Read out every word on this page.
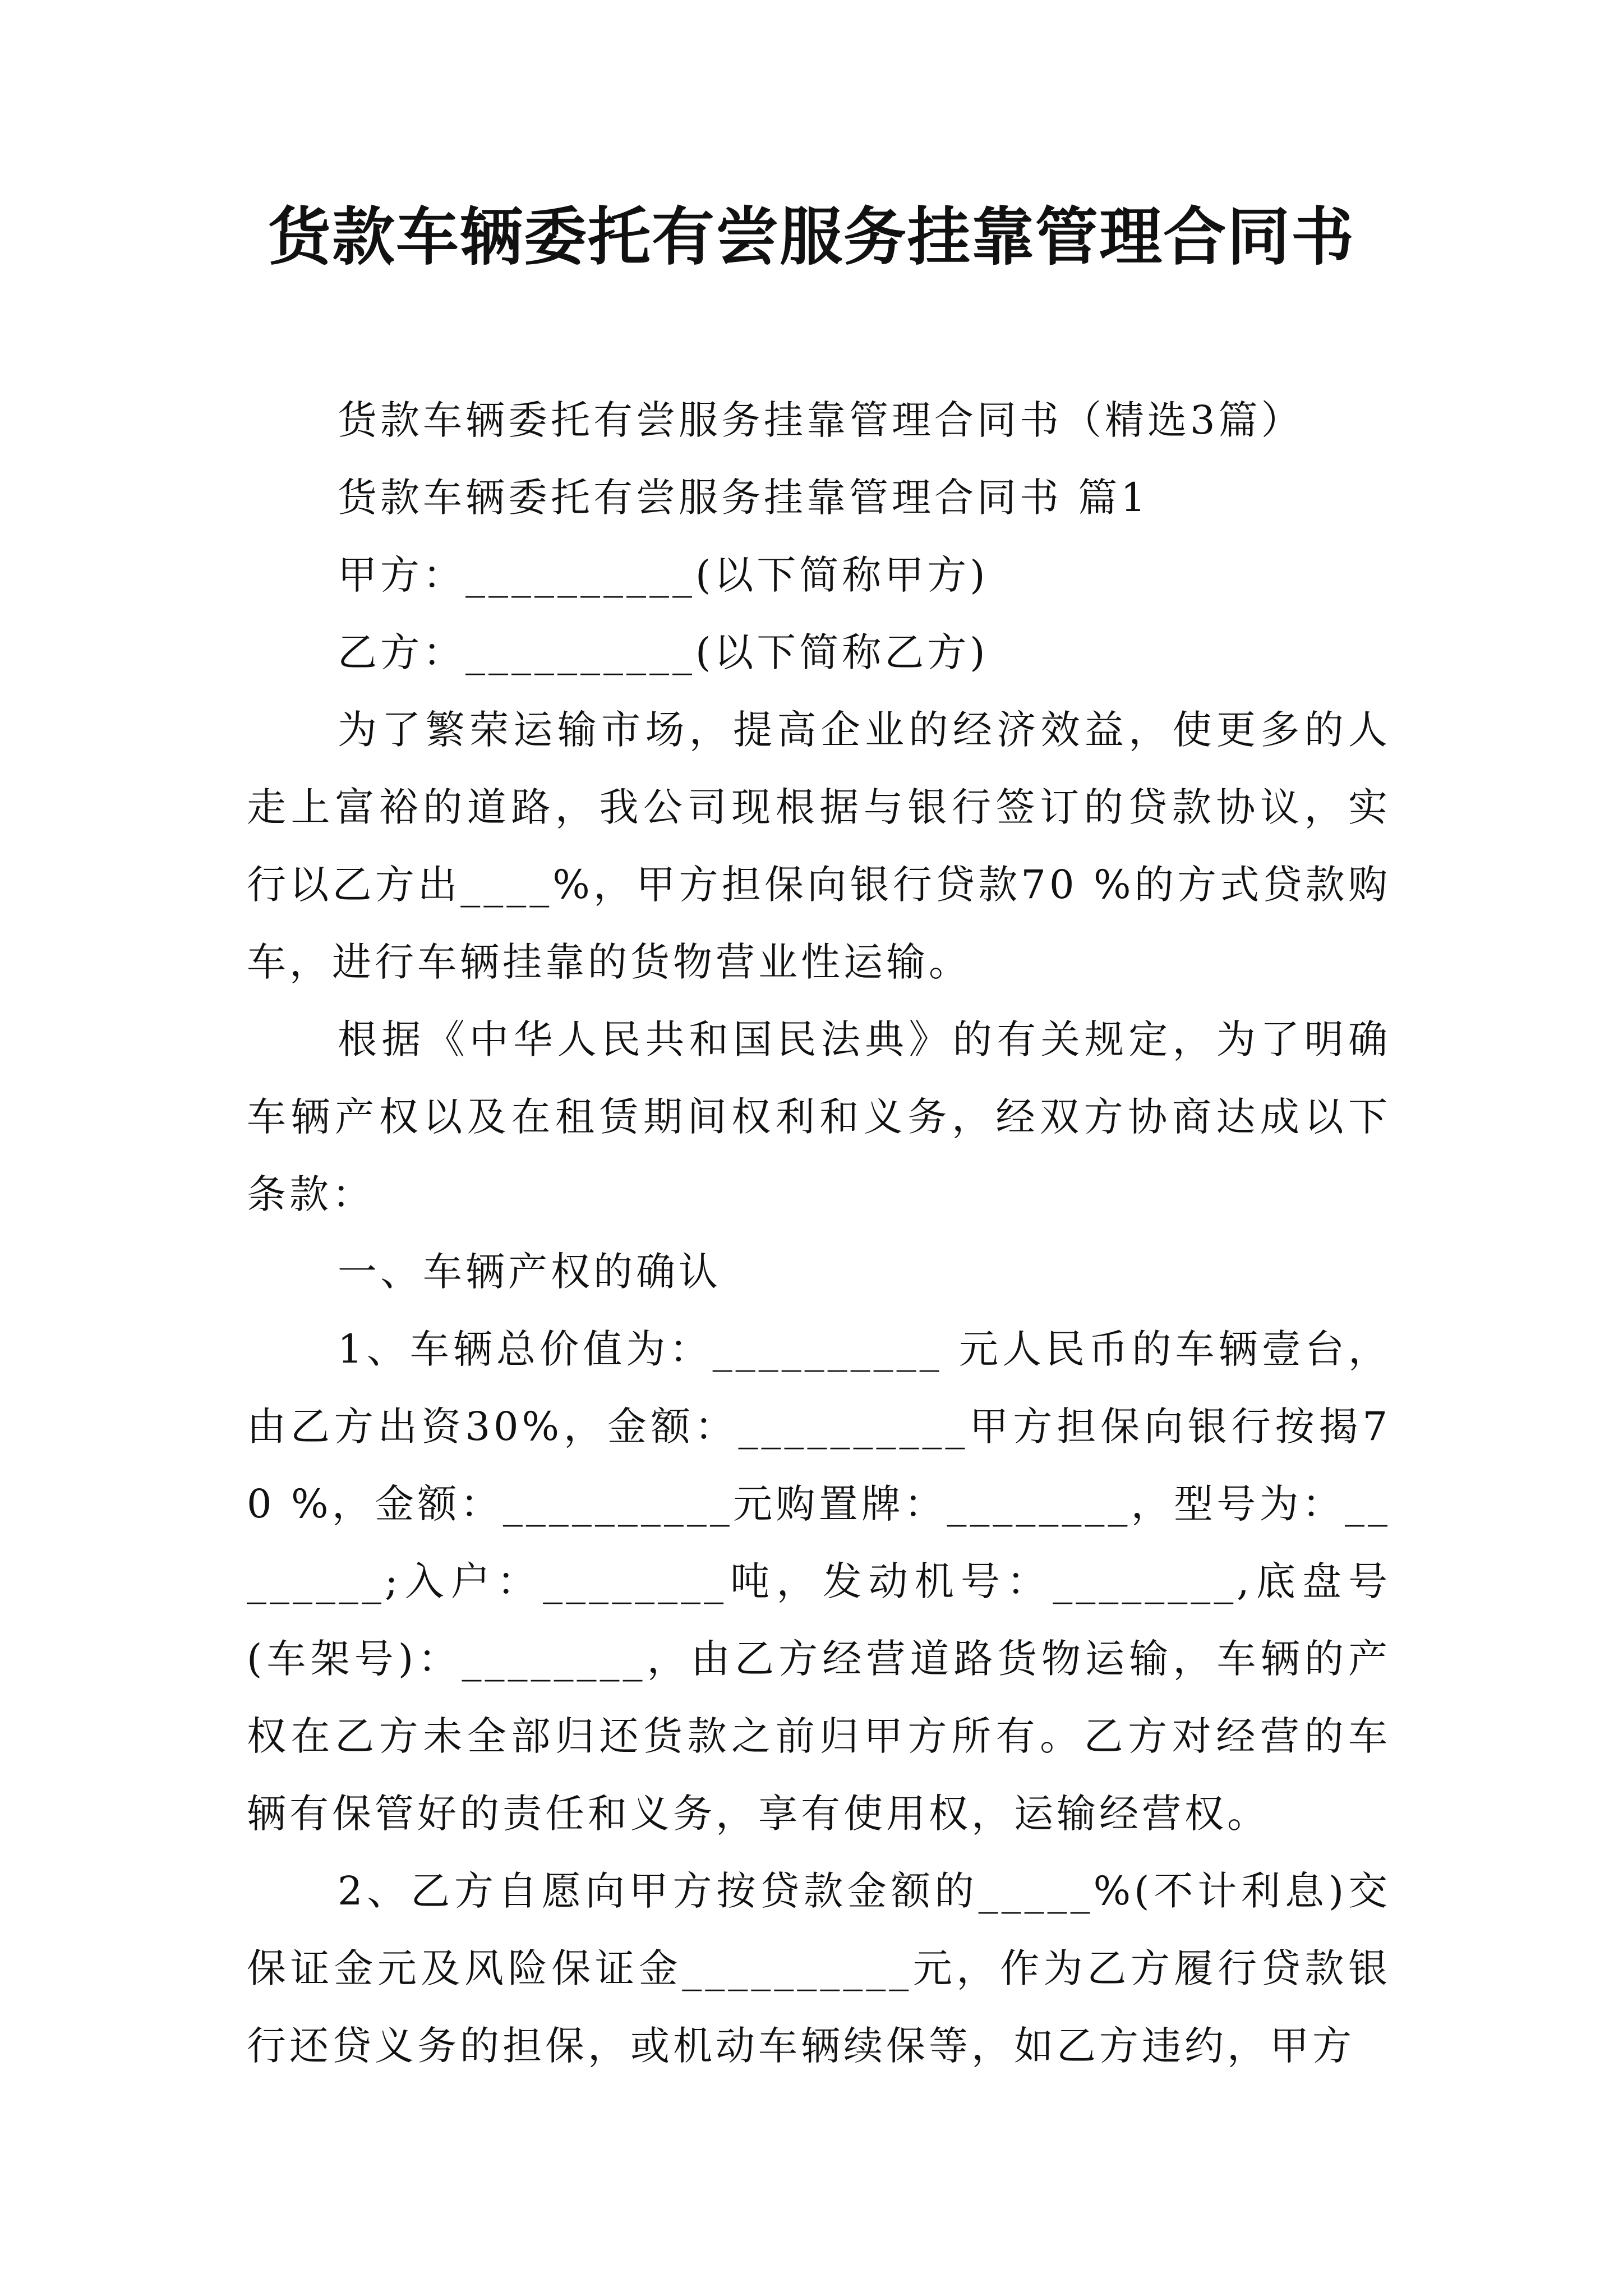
货款车辆委托有尝服务挂靠管理合同书

货款车辆委托有尝服务挂靠管理合同书（精选3篇）

货款车辆委托有尝服务挂靠管理合同书 篇1

甲方：__________(以下简称甲方)

乙方：__________(以下简称乙方)

为了繁荣运输市场，提高企业的经济效益，使更多的人走上富裕的道路，我公司现根据与银行签订的贷款协议，实行以乙方出____%，甲方担保向银行贷款70 %的方式贷款购车，进行车辆挂靠的货物营业性运输。

根据《中华人民共和国民法典》的有关规定，为了明确车辆产权以及在租赁期间权利和义务，经双方协商达成以下条款：

一、车辆产权的确认

1、车辆总价值为：__________ 元人民币的车辆壹台，由乙方出资30%，金额：__________甲方担保向银行按揭70 %，金额：__________元购置牌：________，型号为：________;入户：________吨，发动机号：________,底盘号(车架号)：________，由乙方经营道路货物运输，车辆的产权在乙方未全部归还货款之前归甲方所有。乙方对经营的车辆有保管好的责任和义务，享有使用权，运输经营权。

2、乙方自愿向甲方按贷款金额的_____%(不计利息)交保证金元及风险保证金__________元，作为乙方履行贷款银行还贷义务的担保，或机动车辆续保等，如乙方违约，甲方
